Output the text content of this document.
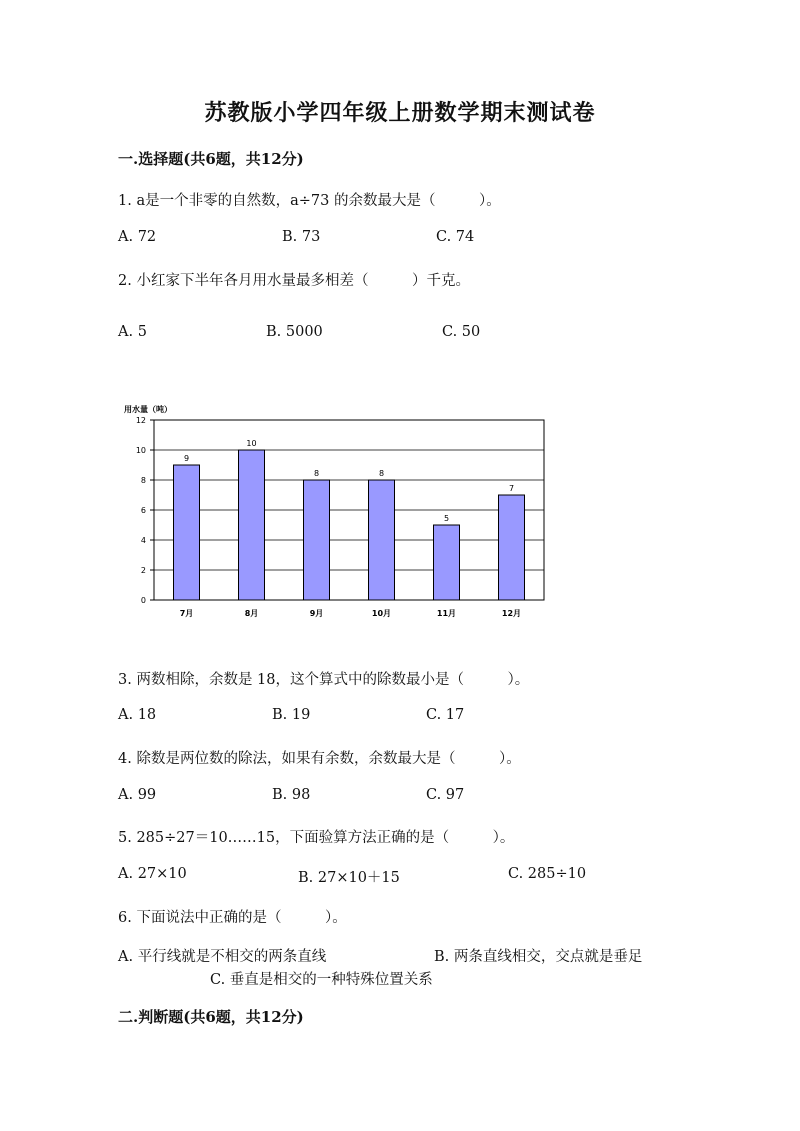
苏教版小学四年级上册数学期末测试卷
一.选择题(共6题，共12分)
1. a是一个非零的自然数，a÷73 的余数最大是（　　　）。
A. 72	B. 73	C. 74
2. 小红家下半年各月用水量最多相差（　　　）千克。
A. 5	B. 5000	C. 50
0
2
4
6
8
10
12
9
7月
10
8月
8
9月
8
10月
5
11月
7
12月
用水量（吨）
3. 两数相除，余数是 18，这个算式中的除数最小是（　　　）。
A. 18	B. 19	C. 17
4. 除数是两位数的除法，如果有余数，余数最大是（　　　）。
A. 99	B. 98	C. 97
5. 285÷27＝10……15，下面验算方法正确的是（　　　）。
A. 27×10	B. 27×10＋15	C. 285÷10
6. 下面说法中正确的是（　　　）。
A. 平行线就是不相交的两条直线	B. 两条直线相交，交点就是垂足
C. 垂直是相交的一种特殊位置关系
二.判断题(共6题，共12分)
